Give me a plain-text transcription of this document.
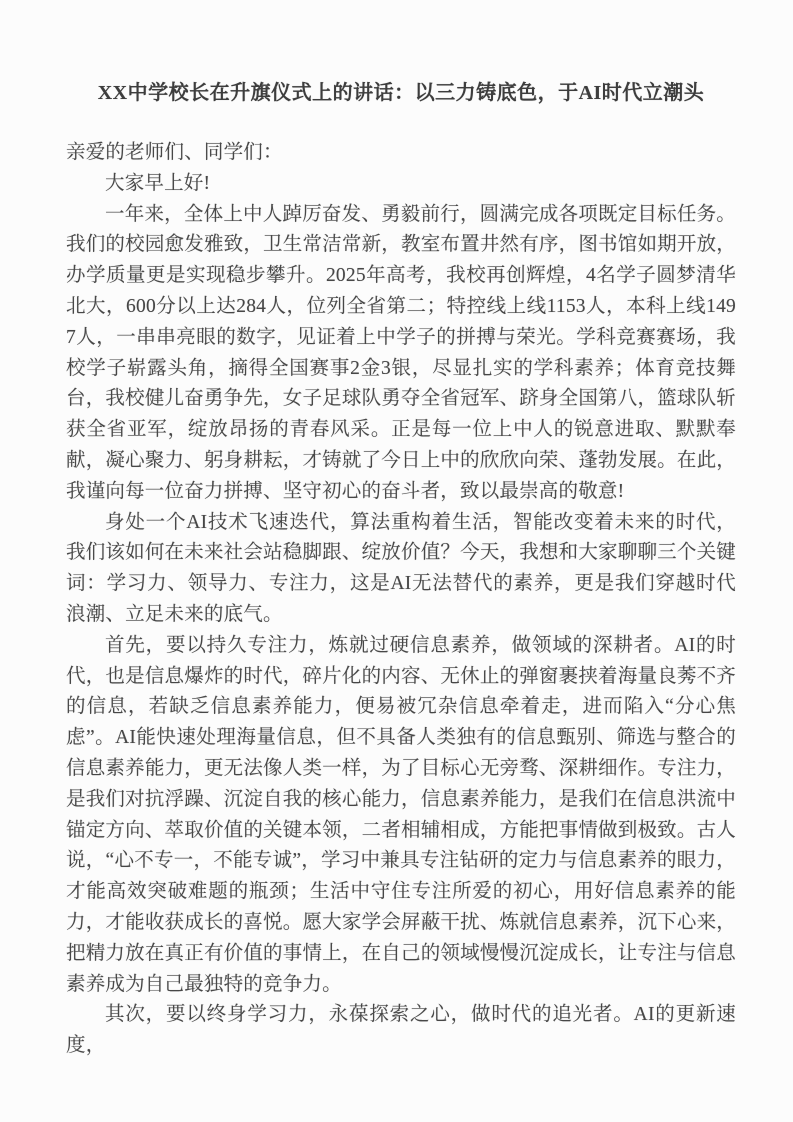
XX中学校长在升旗仪式上的讲话：以三力铸底色，于AI时代立潮头

亲爱的老师们、同学们：

大家早上好!

一年来，全体上中人踔厉奋发、勇毅前行，圆满完成各项既定目标任务。我们的校园愈发雅致，卫生常洁常新，教室布置井然有序，图书馆如期开放，办学质量更是实现稳步攀升。2025年高考，我校再创辉煌，4名学子圆梦清华北大，600分以上达284人，位列全省第二；特控线上线1153人，本科上线1497人，一串串亮眼的数字，见证着上中学子的拼搏与荣光。学科竞赛赛场，我校学子崭露头角，摘得全国赛事2金3银，尽显扎实的学科素养；体育竞技舞台，我校健儿奋勇争先，女子足球队勇夺全省冠军、跻身全国第八，篮球队斩获全省亚军，绽放昂扬的青春风采。正是每一位上中人的锐意进取、默默奉献，凝心聚力、躬身耕耘，才铸就了今日上中的欣欣向荣、蓬勃发展。在此，我谨向每一位奋力拼搏、坚守初心的奋斗者，致以最崇高的敬意!

身处一个AI技术飞速迭代，算法重构着生活，智能改变着未来的时代，我们该如何在未来社会站稳脚跟、绽放价值？今天，我想和大家聊聊三个关键词：学习力、领导力、专注力，这是AI无法替代的素养，更是我们穿越时代浪潮、立足未来的底气。

首先，要以持久专注力，炼就过硬信息素养，做领域的深耕者。AI的时代，也是信息爆炸的时代，碎片化的内容、无休止的弹窗裹挟着海量良莠不齐的信息，若缺乏信息素养能力，便易被冗杂信息牵着走，进而陷入“分心焦虑”。AI能快速处理海量信息，但不具备人类独有的信息甄别、筛选与整合的信息素养能力，更无法像人类一样，为了目标心无旁骛、深耕细作。专注力，是我们对抗浮躁、沉淀自我的核心能力，信息素养能力，是我们在信息洪流中锚定方向、萃取价值的关键本领，二者相辅相成，方能把事情做到极致。古人说，“心不专一，不能专诚”，学习中兼具专注钻研的定力与信息素养的眼力，才能高效突破难题的瓶颈；生活中守住专注所爱的初心，用好信息素养的能力，才能收获成长的喜悦。愿大家学会屏蔽干扰、炼就信息素养，沉下心来，把精力放在真正有价值的事情上，在自己的领域慢慢沉淀成长，让专注与信息素养成为自己最独特的竞争力。

其次，要以终身学习力，永葆探索之心，做时代的追光者。AI的更新速度，
